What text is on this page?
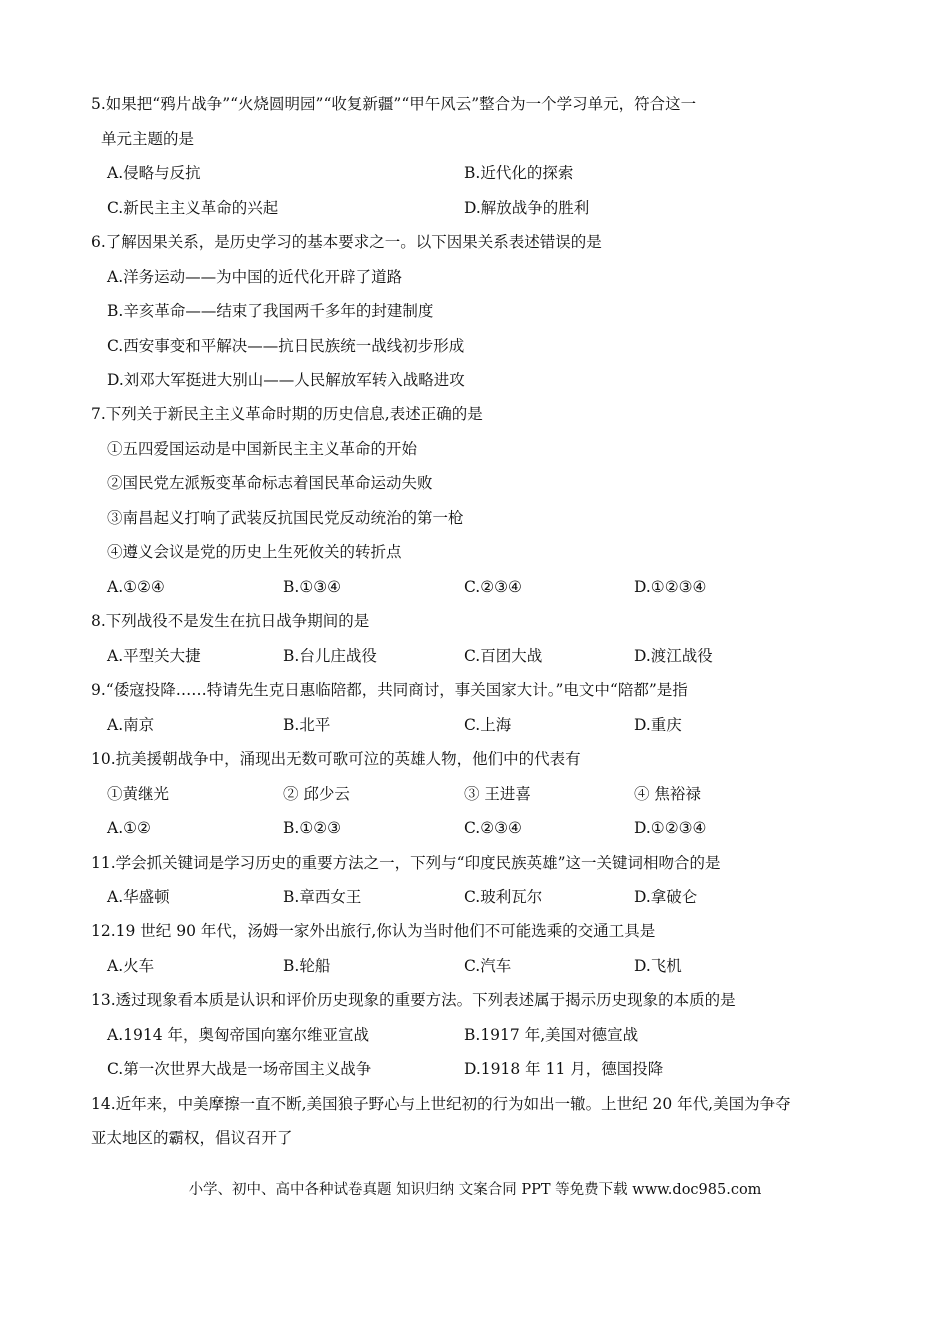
5.如果把“鸦片战争”“火烧圆明园”“收复新疆”“甲午风云”整合为一个学习单元，符合这一
单元主题的是
A.侵略与反抗	B.近代化的探索
C.新民主主义革命的兴起	D.解放战争的胜利
6.了解因果关系，是历史学习的基本要求之一。以下因果关系表述错误的是
A.洋务运动——为中国的近代化开辟了道路
B.辛亥革命——结束了我国两千多年的封建制度
C.西安事变和平解决——抗日民族统一战线初步形成
D.刘邓大军挺进大别山——人民解放军转入战略进攻
7.下列关于新民主主义革命时期的历史信息,表述正确的是
①五四爱国运动是中国新民主主义革命的开始
②国民党左派叛变革命标志着国民革命运动失败
③南昌起义打响了武装反抗国民党反动统治的第一枪
④遵义会议是党的历史上生死攸关的转折点
A.①②④	B.①③④	C.②③④	D.①②③④
8.下列战役不是发生在抗日战争期间的是
A.平型关大捷	B.台儿庄战役	C.百团大战	D.渡江战役
9.“倭寇投降……特请先生克日惠临陪都，共同商讨，事关国家大计。”电文中“陪都”是指
A.南京	B.北平	C.上海	D.重庆
10.抗美援朝战争中，涌现出无数可歌可泣的英雄人物，他们中的代表有
①黄继光	② 邱少云	③ 王进喜	④ 焦裕禄
A.①②	B.①②③	C.②③④	D.①②③④
11.学会抓关键词是学习历史的重要方法之一，下列与“印度民族英雄”这一关键词相吻合的是
A.华盛顿	B.章西女王	C.玻利瓦尔	D.拿破仑
12.19 世纪 90 年代，汤姆一家外出旅行,你认为当时他们不可能选乘的交通工具是
A.火车	B.轮船	C.汽车	D.飞机
13.透过现象看本质是认识和评价历史现象的重要方法。下列表述属于揭示历史现象的本质的是
A.1914 年，奥匈帝国向塞尔维亚宣战	B.1917 年,美国对德宣战
C.第一次世界大战是一场帝国主义战争	D.1918 年 11 月，德国投降
14.近年来，中美摩擦一直不断,美国狼子野心与上世纪初的行为如出一辙。上世纪 20 年代,美国为争夺
亚太地区的霸权，倡议召开了
小学、初中、高中各种试卷真题 知识归纳 文案合同 PPT 等免费下载 www.doc985.com
